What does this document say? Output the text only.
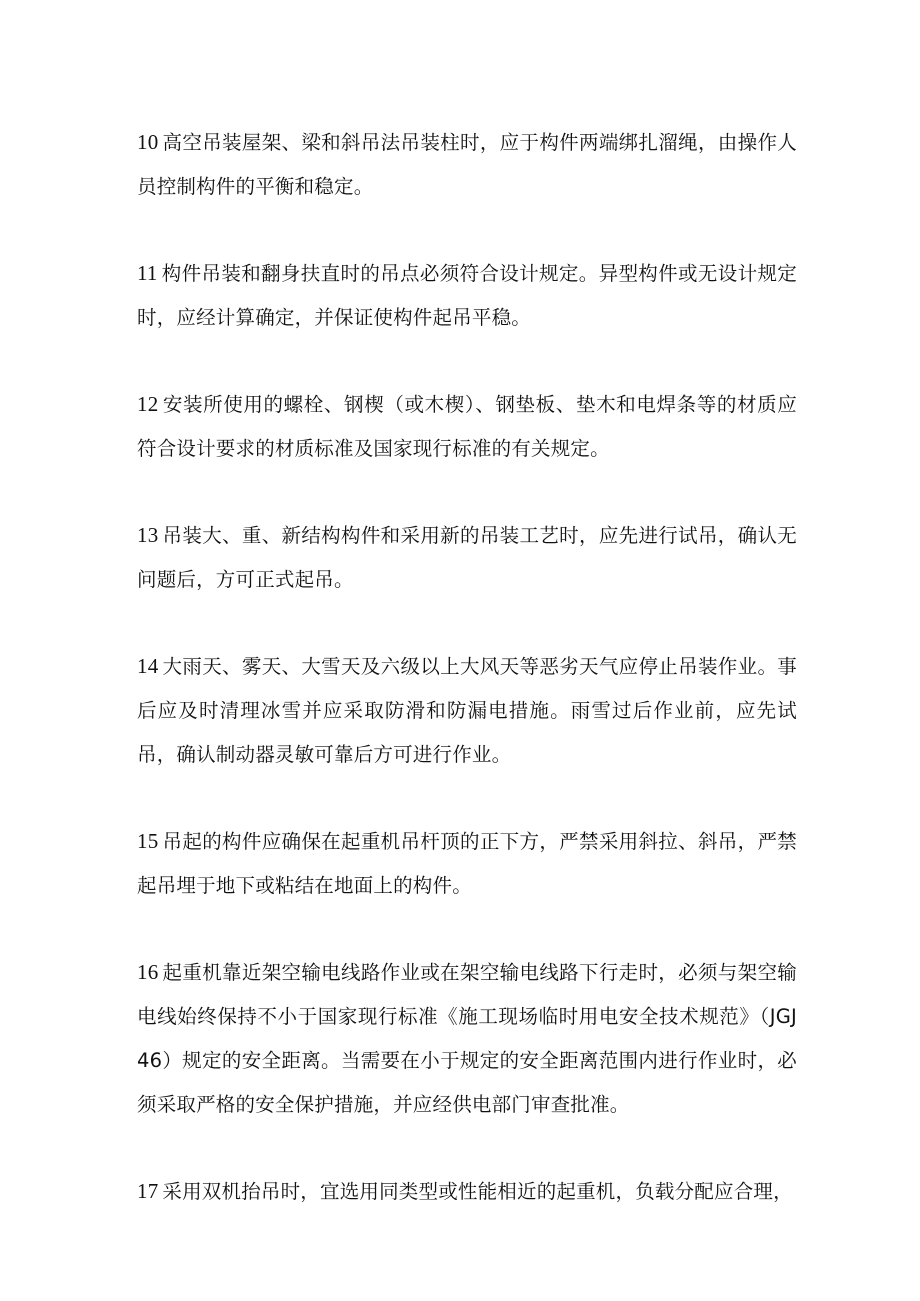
10 高空吊装屋架、梁和斜吊法吊装柱时，应于构件两端绑扎溜绳，由操作人员控制构件的平衡和稳定。

11 构件吊装和翻身扶直时的吊点必须符合设计规定。异型构件或无设计规定时，应经计算确定，并保证使构件起吊平稳。

12 安装所使用的螺栓、钢楔（或木楔）、钢垫板、垫木和电焊条等的材质应符合设计要求的材质标准及国家现行标准的有关规定。

13 吊装大、重、新结构构件和采用新的吊装工艺时，应先进行试吊，确认无问题后，方可正式起吊。

14 大雨天、雾天、大雪天及六级以上大风天等恶劣天气应停止吊装作业。事后应及时清理冰雪并应采取防滑和防漏电措施。雨雪过后作业前，应先试吊，确认制动器灵敏可靠后方可进行作业。

15 吊起的构件应确保在起重机吊杆顶的正下方，严禁采用斜拉、斜吊，严禁起吊埋于地下或粘结在地面上的构件。

16 起重机靠近架空输电线路作业或在架空输电线路下行走时，必须与架空输电线始终保持不小于国家现行标准《施工现场临时用电安全技术规范》（JGJ46）规定的安全距离。当需要在小于规定的安全距离范围内进行作业时，必须采取严格的安全保护措施，并应经供电部门审查批准。

17 采用双机抬吊时，宜选用同类型或性能相近的起重机，负载分配应合理，
